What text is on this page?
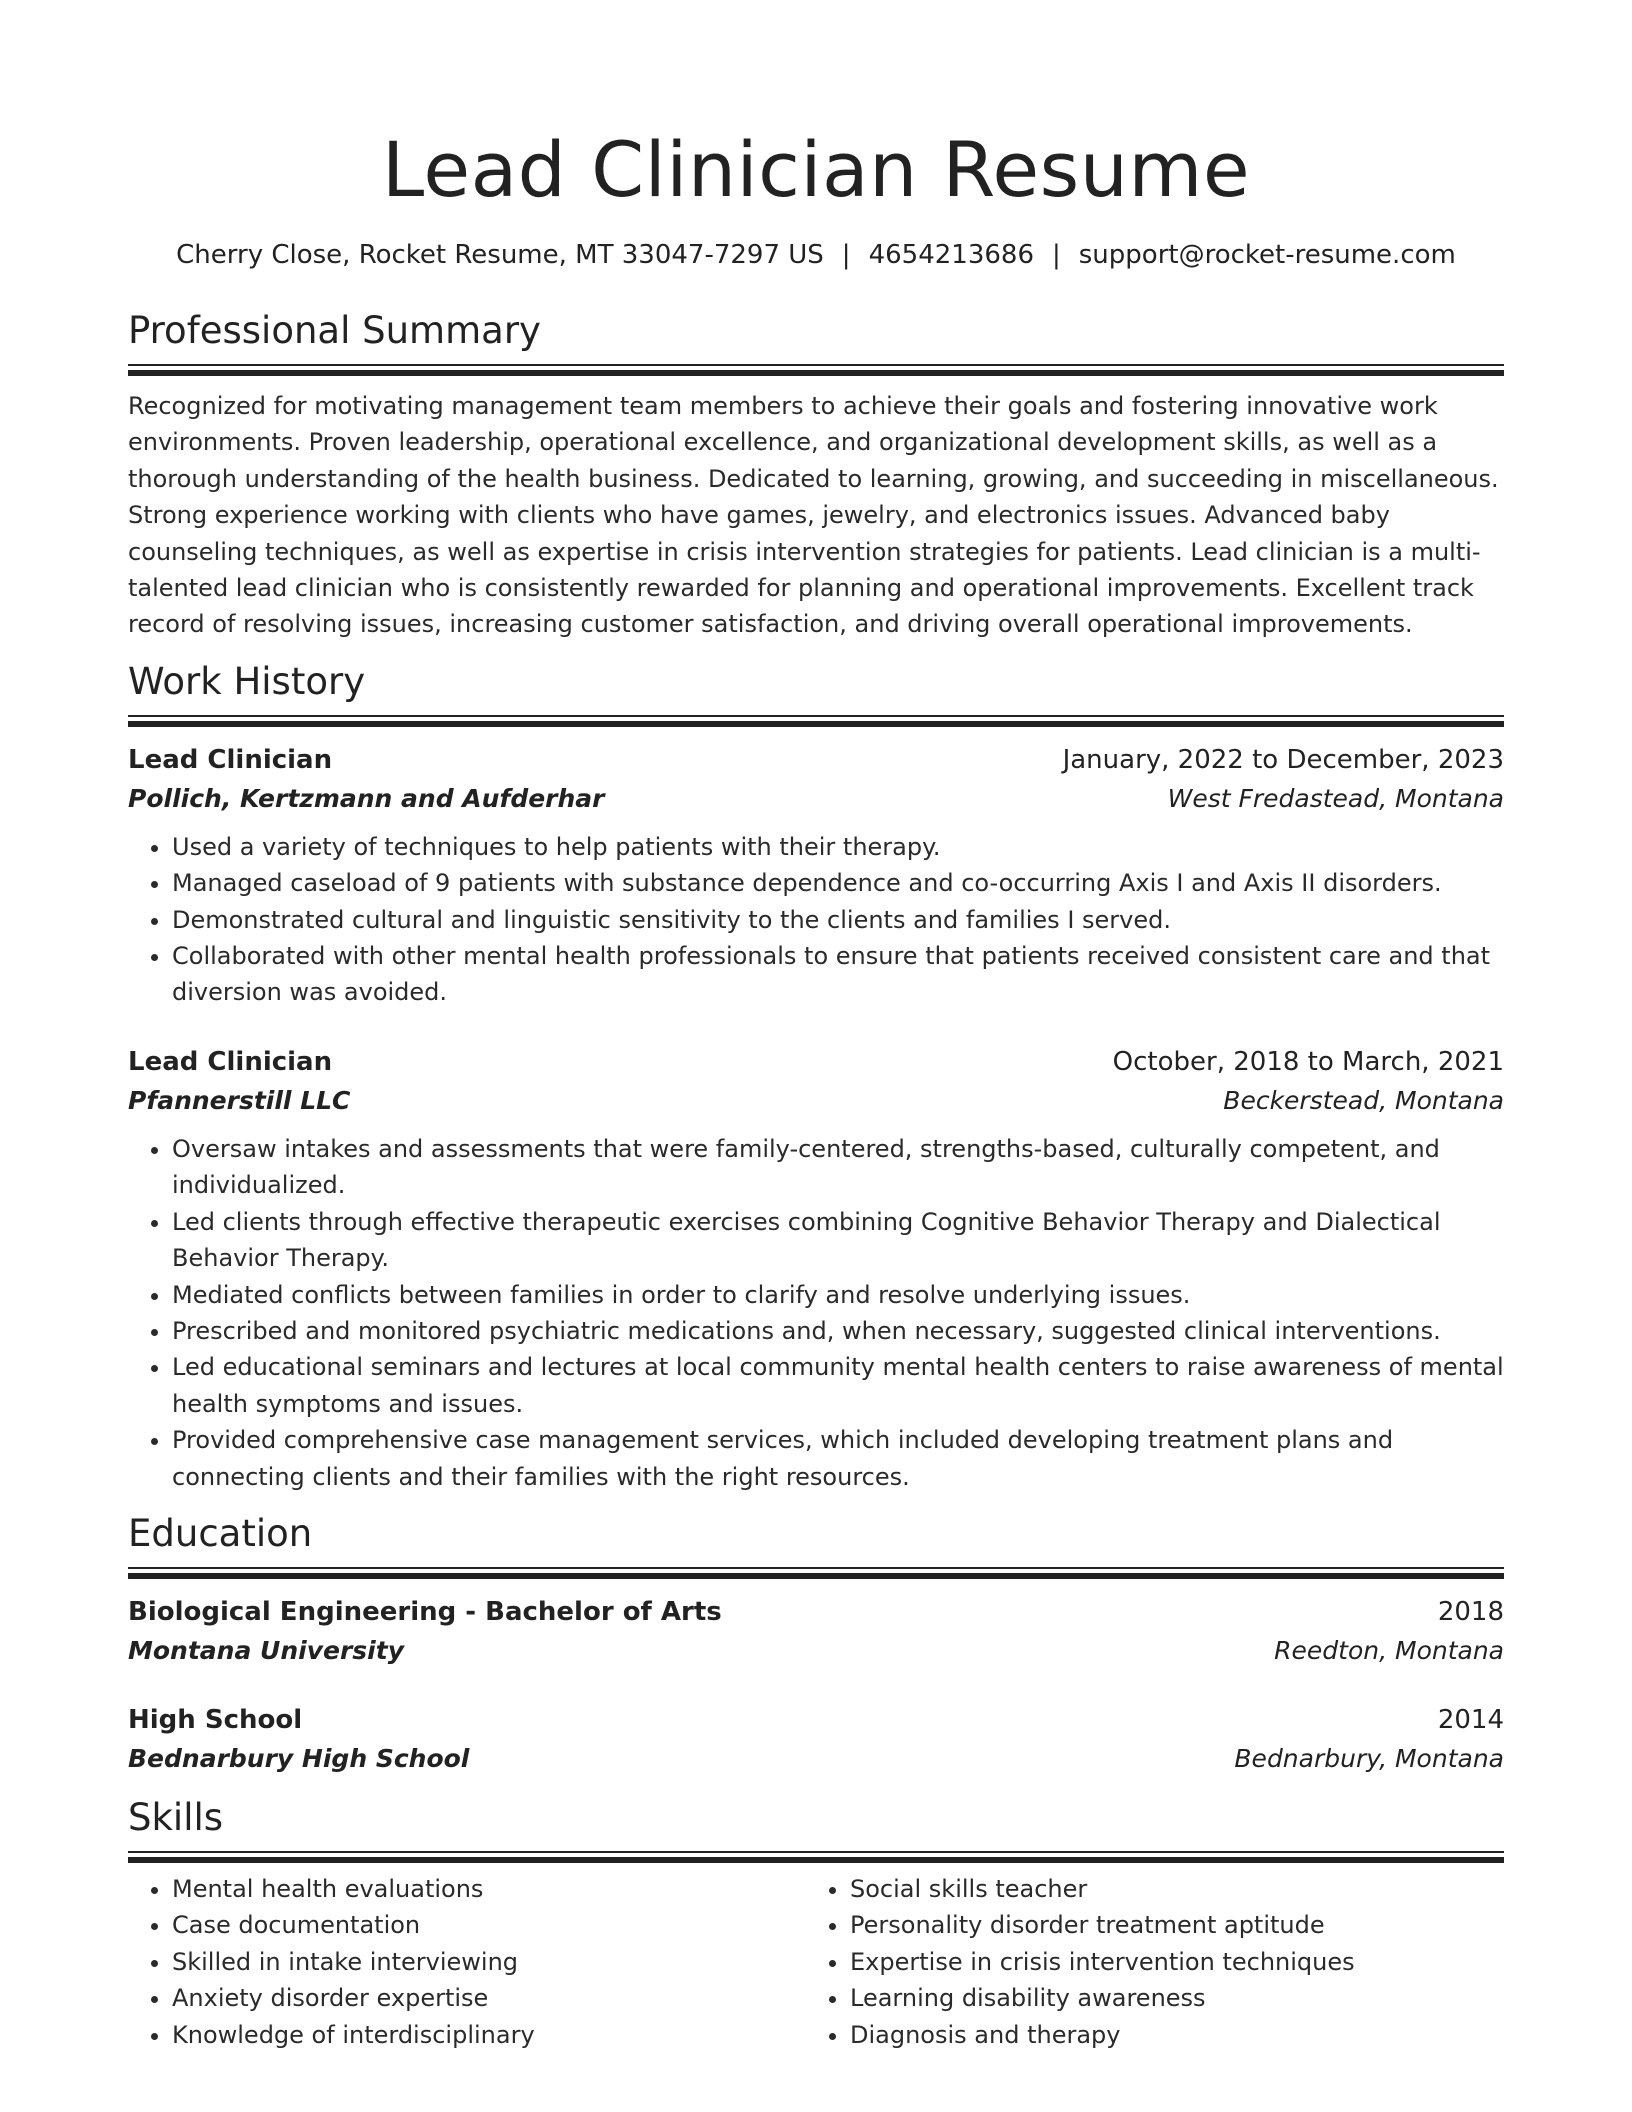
Lead Clinician Resume
Cherry Close, Rocket Resume, MT 33047-7297 US | 4654213686 | support@rocket-resume.com
Professional Summary

Recognized for motivating management team members to achieve their goals and fostering innovative work environments. Proven leadership, operational excellence, and organizational development skills, as well as a thorough understanding of the health business. Dedicated to learning, growing, and succeeding in miscellaneous. Strong experience working with clients who have games, jewelry, and electronics issues. Advanced baby counseling techniques, as well as expertise in crisis intervention strategies for patients. Lead clinician is a multi-talented lead clinician who is consistently rewarded for planning and operational improvements. Excellent track record of resolving issues, increasing customer satisfaction, and driving overall operational improvements.

Work History
Lead Clinician	January, 2022 to December, 2023
Pollich, Kertzmann and Aufderhar	West Fredastead, Montana
• Used a variety of techniques to help patients with their therapy.
• Managed caseload of 9 patients with substance dependence and co-occurring Axis I and Axis II disorders.
• Demonstrated cultural and linguistic sensitivity to the clients and families I served.
• Collaborated with other mental health professionals to ensure that patients received consistent care and that diversion was avoided.
Lead Clinician	October, 2018 to March, 2021
Pfannerstill LLC	Beckerstead, Montana
• Oversaw intakes and assessments that were family-centered, strengths-based, culturally competent, and individualized.
• Led clients through effective therapeutic exercises combining Cognitive Behavior Therapy and Dialectical Behavior Therapy.
• Mediated conflicts between families in order to clarify and resolve underlying issues.
• Prescribed and monitored psychiatric medications and, when necessary, suggested clinical interventions.
• Led educational seminars and lectures at local community mental health centers to raise awareness of mental health symptoms and issues.
• Provided comprehensive case management services, which included developing treatment plans and connecting clients and their families with the right resources.
Education
Biological Engineering - Bachelor of Arts	2018
Montana University	Reedton, Montana
High School	2014
Bednarbury High School	Bednarbury, Montana
Skills
• Mental health evaluations
• Case documentation
• Skilled in intake interviewing
• Anxiety disorder expertise
• Knowledge of interdisciplinary
• Social skills teacher
• Personality disorder treatment aptitude
• Expertise in crisis intervention techniques
• Learning disability awareness
• Diagnosis and therapy
